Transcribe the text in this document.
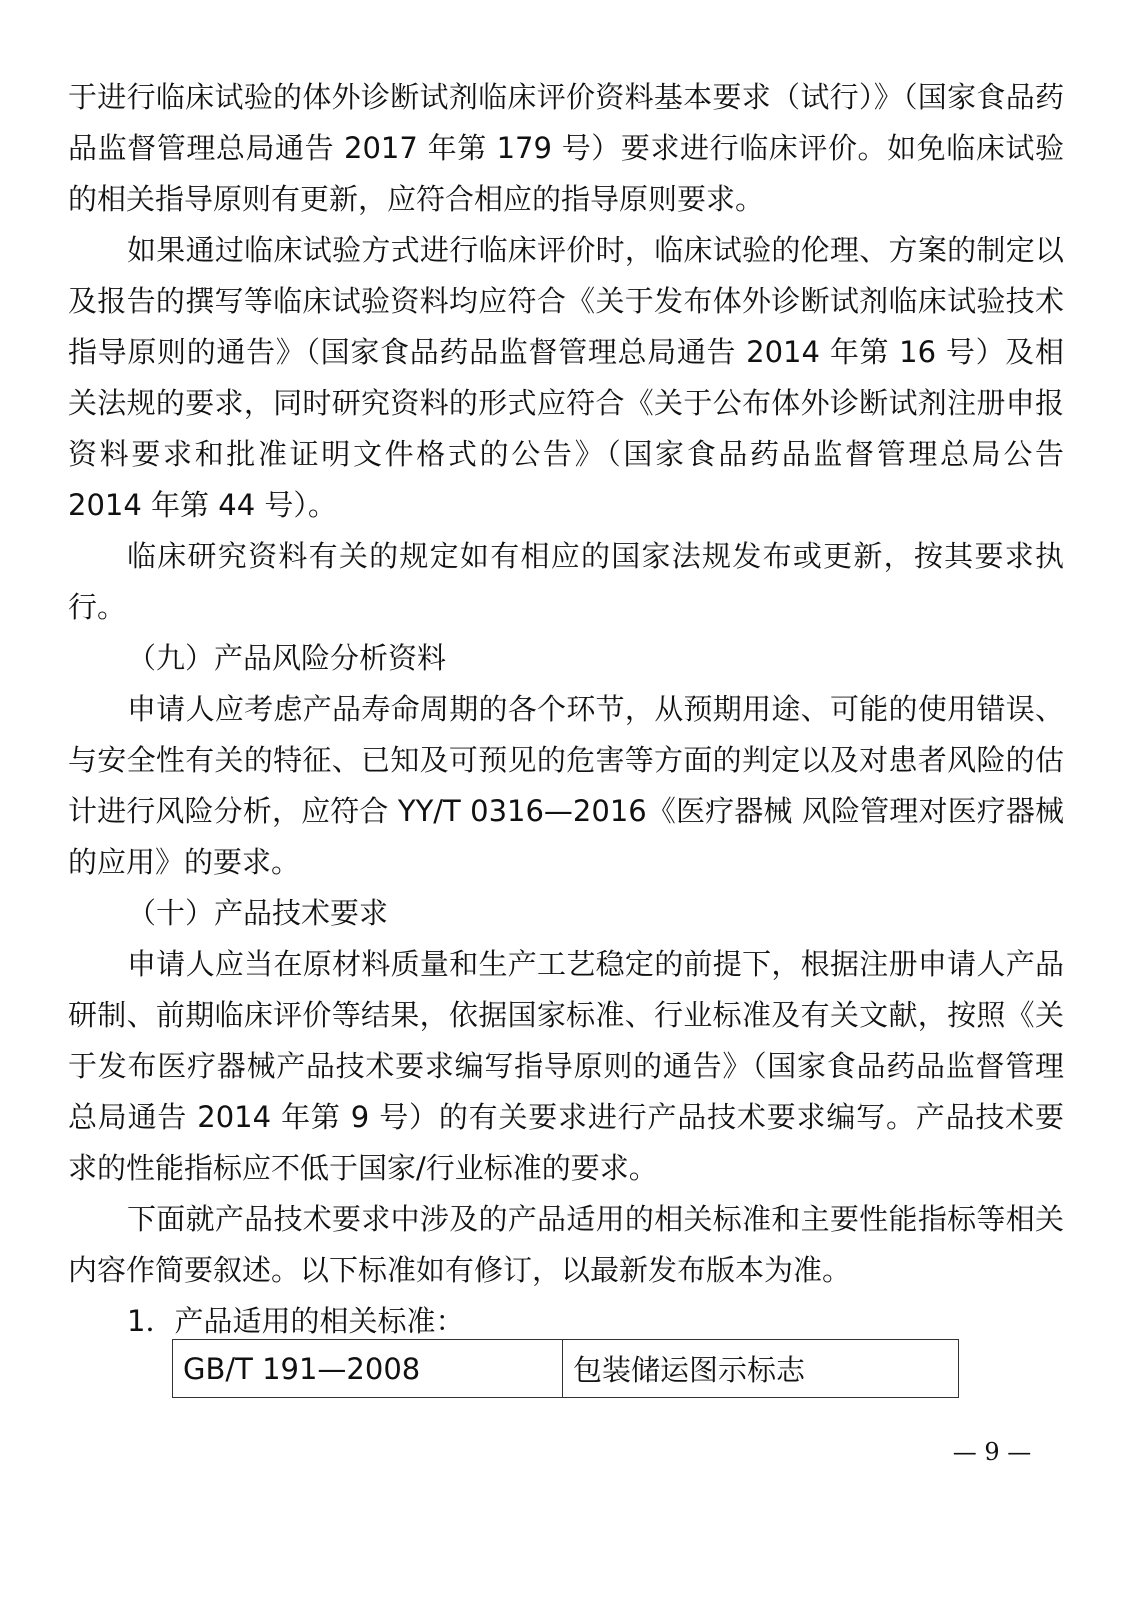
于进行临床试验的体外诊断试剂临床评价资料基本要求（试行）》（国家食品药品监督管理总局通告 2017 年第 179 号）要求进行临床评价。如免临床试验的相关指导原则有更新，应符合相应的指导原则要求。

如果通过临床试验方式进行临床评价时，临床试验的伦理、方案的制定以及报告的撰写等临床试验资料均应符合《关于发布体外诊断试剂临床试验技术指导原则的通告》（国家食品药品监督管理总局通告 2014 年第 16 号）及相关法规的要求，同时研究资料的形式应符合《关于公布体外诊断试剂注册申报资料要求和批准证明文件格式的公告》（国家食品药品监督管理总局公告 2014 年第 44 号）。

临床研究资料有关的规定如有相应的国家法规发布或更新，按其要求执行。

（九）产品风险分析资料

申请人应考虑产品寿命周期的各个环节，从预期用途、可能的使用错误、与安全性有关的特征、已知及可预见的危害等方面的判定以及对患者风险的估计进行风险分析，应符合 YY/T 0316—2016《医疗器械 风险管理对医疗器械的应用》的要求。

（十）产品技术要求

申请人应当在原材料质量和生产工艺稳定的前提下，根据注册申请人产品研制、前期临床评价等结果，依据国家标准、行业标准及有关文献，按照《关于发布医疗器械产品技术要求编写指导原则的通告》（国家食品药品监督管理总局通告 2014 年第 9 号）的有关要求进行产品技术要求编写。产品技术要求的性能指标应不低于国家/行业标准的要求。

下面就产品技术要求中涉及的产品适用的相关标准和主要性能指标等相关内容作简要叙述。以下标准如有修订，以最新发布版本为准。

1．产品适用的相关标准：

GB/T 191—2008	包装储运图示标志
— 9 —
